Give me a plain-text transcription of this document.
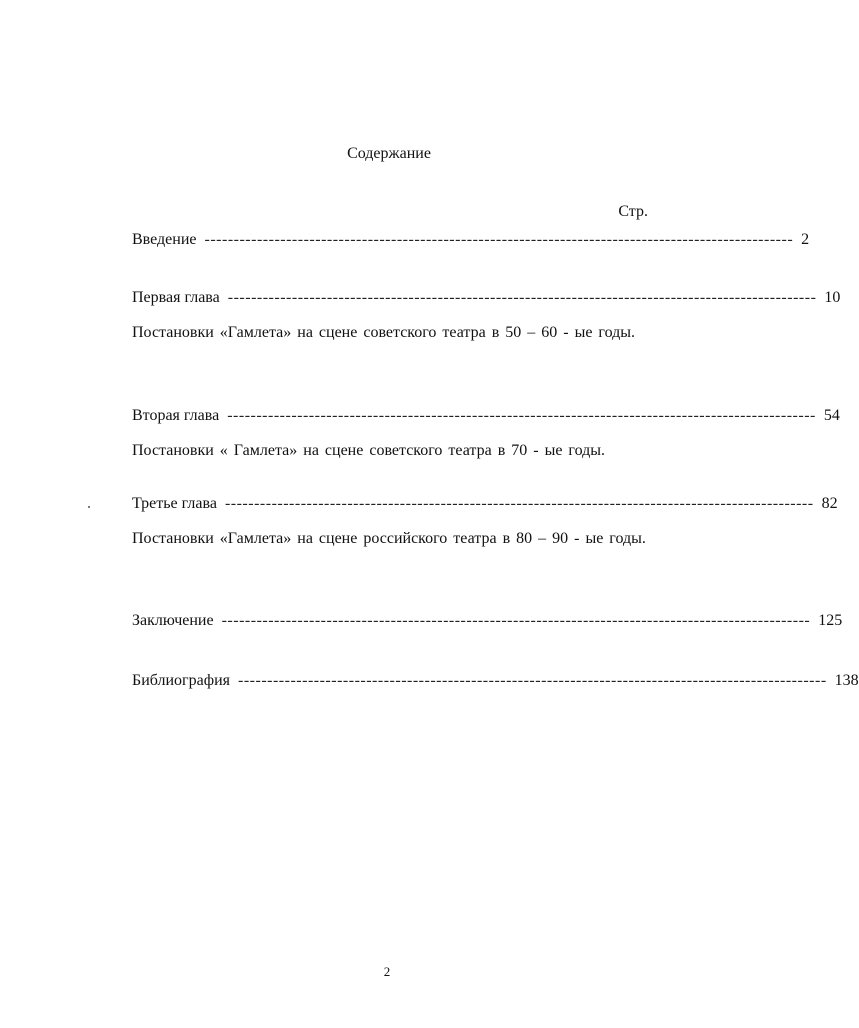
Содержание
Стр.
Введение ----------------------------------------------------------------------------------------------------- 2
Первая глава ----------------------------------------------------------------------------------------------------- 10
Постановки «Гамлета» на сцене советского театра в 50 – 60 - ые годы.
Вторая глава ----------------------------------------------------------------------------------------------------- 54
Постановки « Гамлета» на сцене советского театра в 70 - ые годы.
Третье глава ----------------------------------------------------------------------------------------------------- 82
Постановки «Гамлета» на сцене российского театра в 80 – 90 - ые годы.
Заключение ----------------------------------------------------------------------------------------------------- 125
Библиография ----------------------------------------------------------------------------------------------------- 138
2
